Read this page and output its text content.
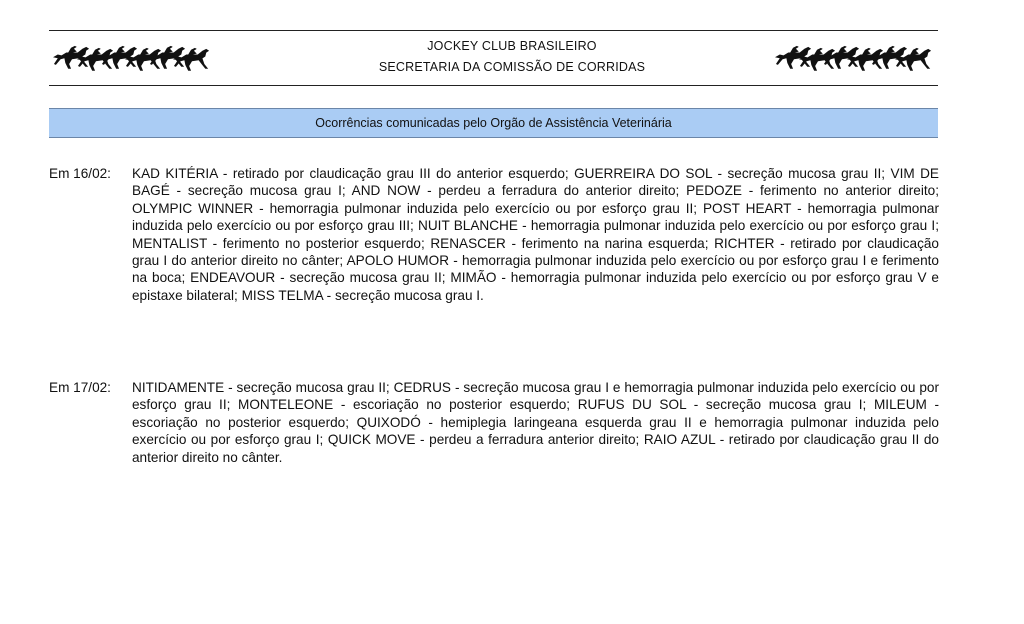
JOCKEY CLUB BRASILEIRO
SECRETARIA DA COMISSÃO DE CORRIDAS
Ocorrências comunicadas pelo Orgão de Assistência Veterinária
Em 16/02:	KAD KITÉRIA - retirado por claudicação grau III do anterior esquerdo; GUERREIRA DO SOL - secreção mucosa grau II; VIM DE BAGÉ - secreção mucosa grau I; AND NOW - perdeu a ferradura do anterior direito; PEDOZE - ferimento no anterior direito; OLYMPIC WINNER - hemorragia pulmonar induzida pelo exercício ou por esforço grau II; POST HEART - hemorragia pulmonar induzida pelo exercício ou por esforço grau III; NUIT BLANCHE - hemorragia pulmonar induzida pelo exercício ou por esforço grau I; MENTALIST - ferimento no posterior esquerdo; RENASCER - ferimento na narina esquerda; RICHTER - retirado por claudicação grau I do anterior direito no cânter; APOLO HUMOR - hemorragia pulmonar induzida pelo exercício ou por esforço grau I e ferimento na boca; ENDEAVOUR - secreção mucosa grau II; MIMÃO - hemorragia pulmonar induzida pelo exercício ou por esforço grau V e epistaxe bilateral; MISS TELMA - secreção mucosa grau I.
Em 17/02:	NITIDAMENTE - secreção mucosa grau II; CEDRUS - secreção mucosa grau I e hemorragia pulmonar induzida pelo exercício ou por esforço grau II; MONTELEONE - escoriação no posterior esquerdo; RUFUS DU SOL - secreção mucosa grau I; MILEUM - escoriação no posterior esquerdo; QUIXODÓ - hemiplegia laringeana esquerda grau II e hemorragia pulmonar induzida pelo exercício ou por esforço grau I; QUICK MOVE - perdeu a ferradura anterior direito; RAIO AZUL - retirado por claudicação grau II do anterior direito no cânter.
